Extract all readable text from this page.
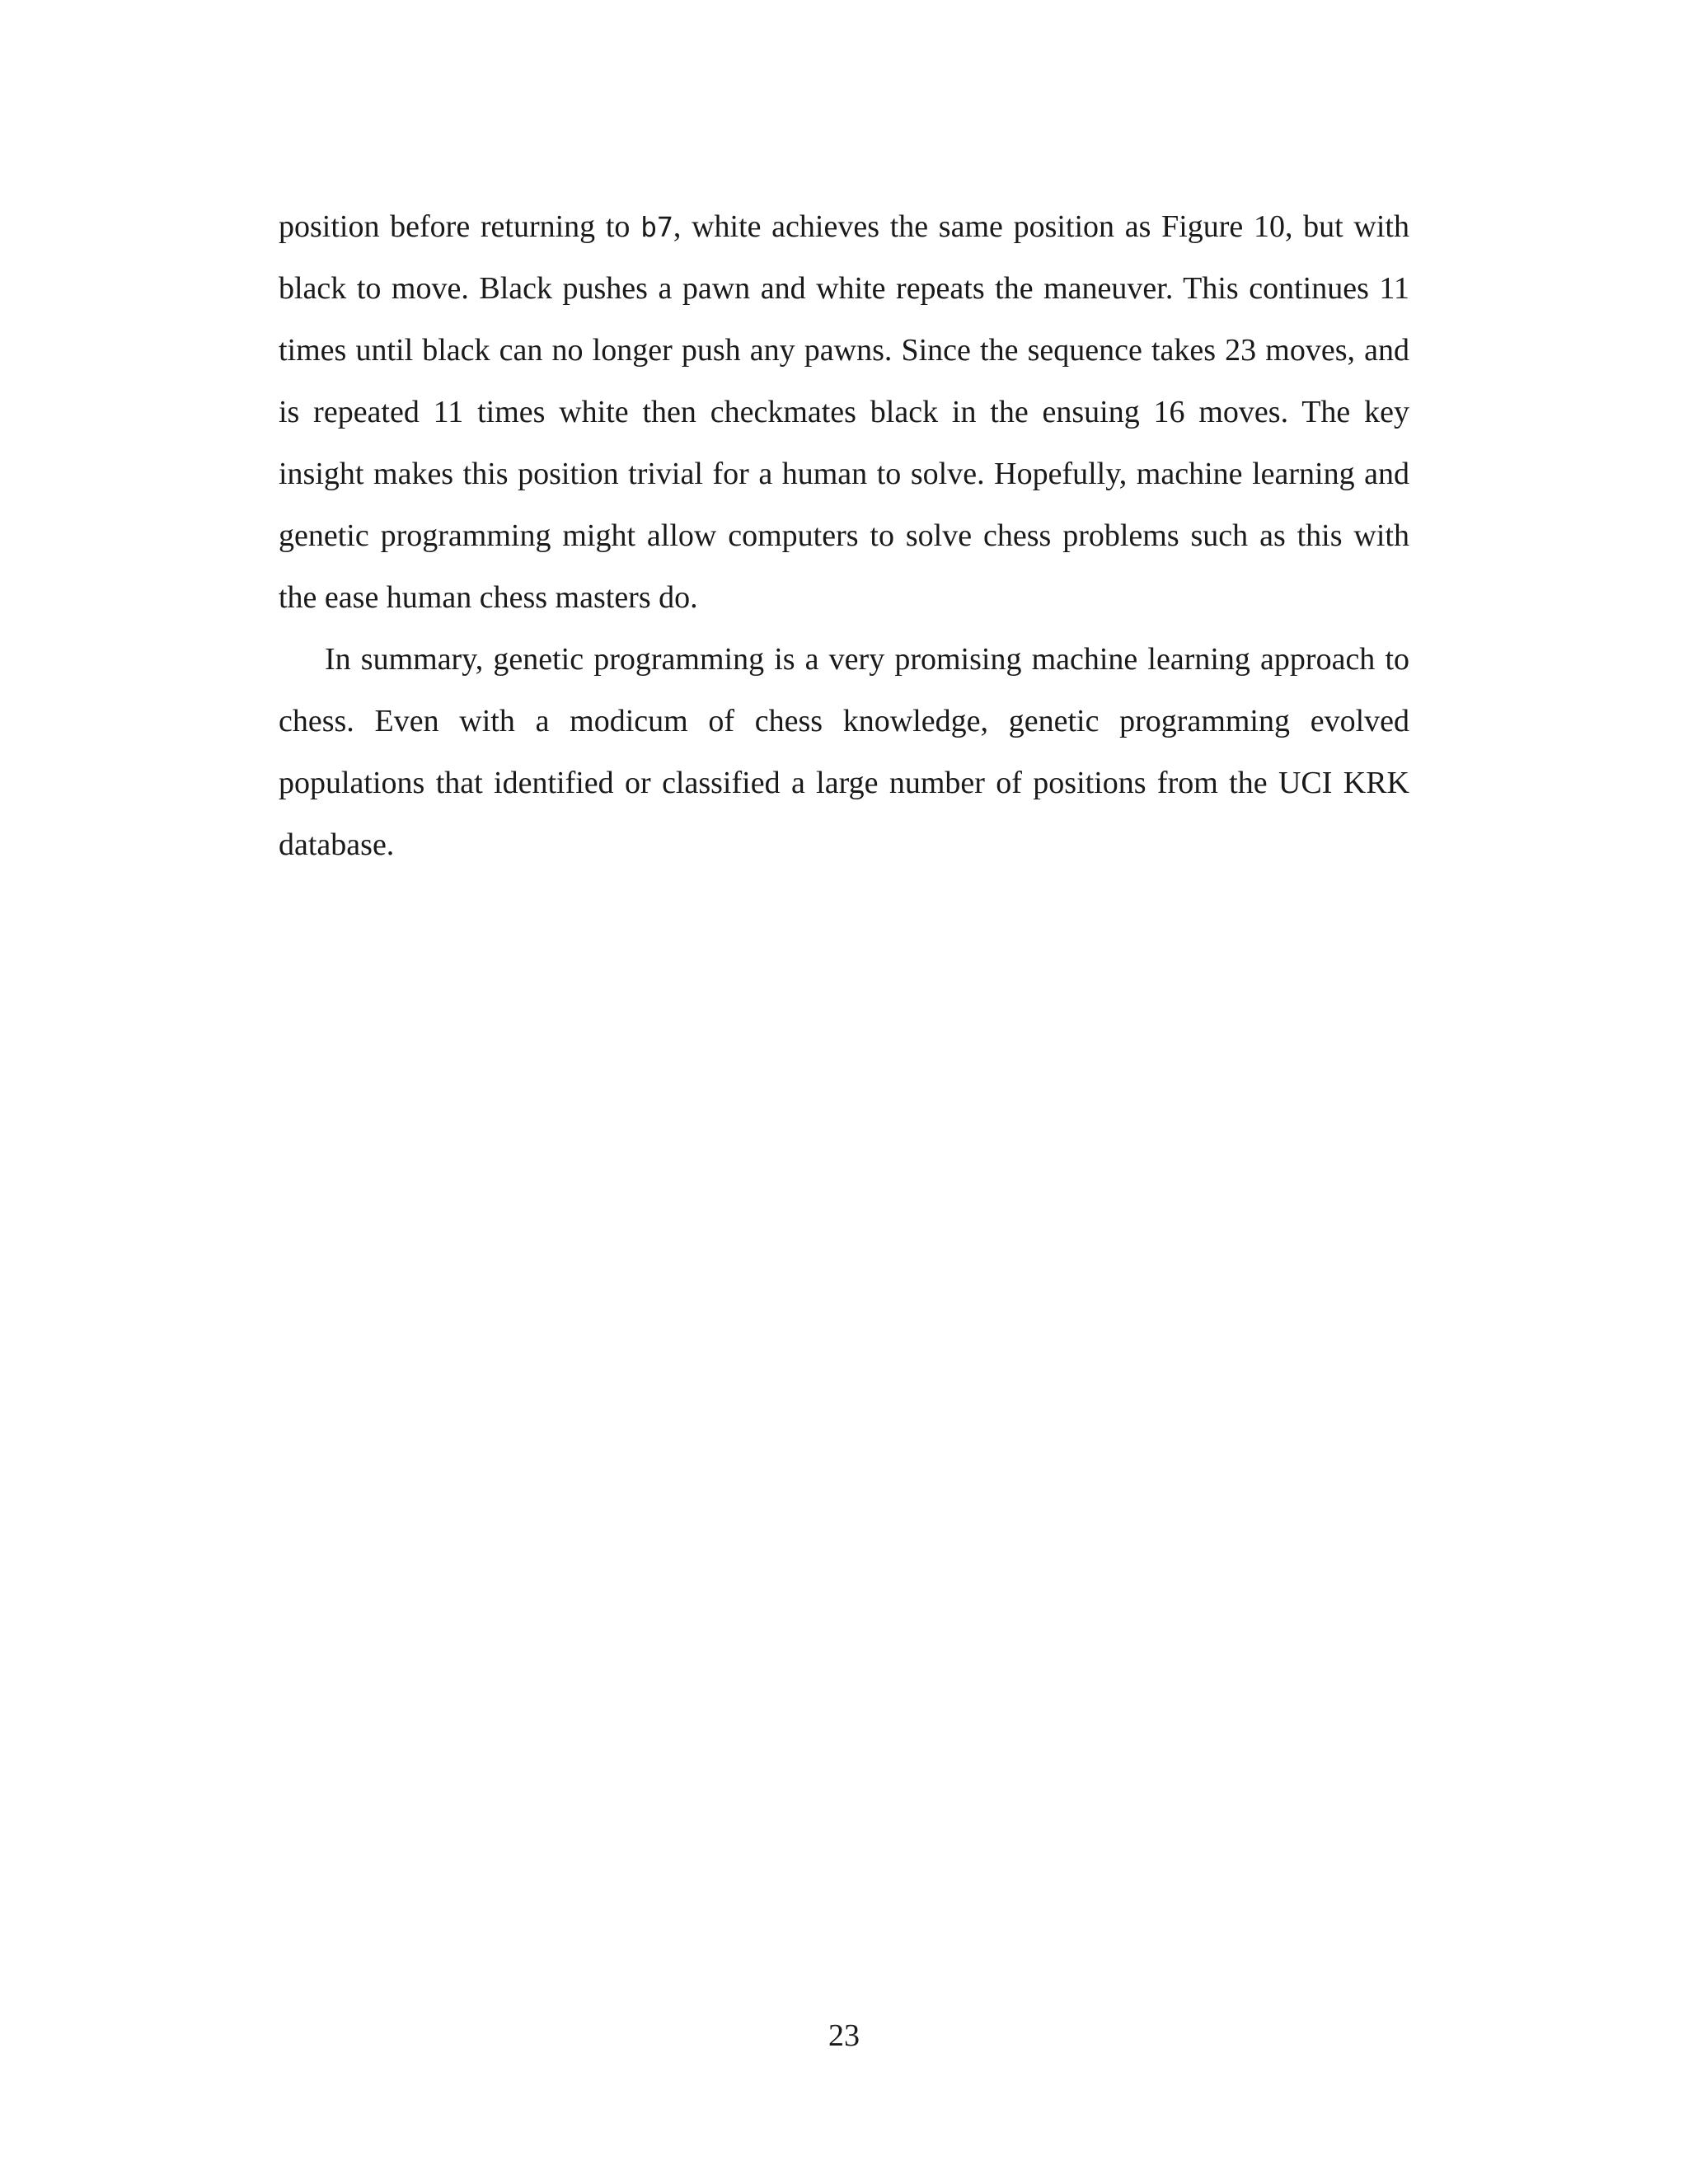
position before returning to b7, white achieves the same position as Figure 10, but with black to move. Black pushes a pawn and white repeats the maneuver. This continues 11 times until black can no longer push any pawns. Since the sequence takes 23 moves, and is repeated 11 times white then checkmates black in the ensuing 16 moves. The key insight makes this position trivial for a human to solve. Hopefully, machine learning and genetic programming might allow computers to solve chess problems such as this with the ease human chess masters do.

In summary, genetic programming is a very promising machine learning approach to chess. Even with a modicum of chess knowledge, genetic programming evolved populations that identified or classified a large number of positions from the UCI KRK database.

23
